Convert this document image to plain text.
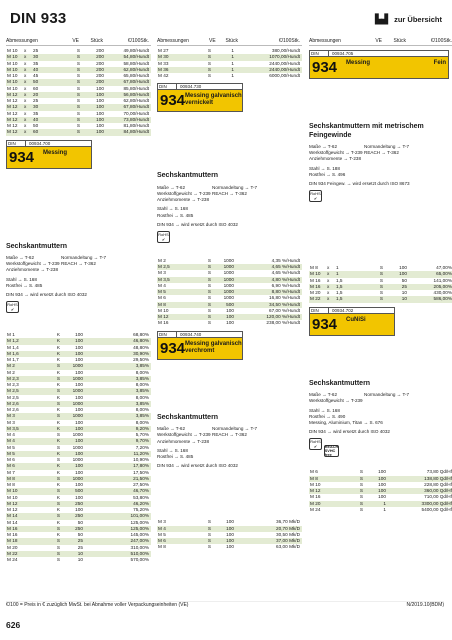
DIN 933	▙▟ zur Übersicht
Abmessungen	VE	Stück	€/100Stk.
M 10	x	25	S	200	49,80/Hundt
M 10	x	30	S	200	54,80/Hundt
M 10	x	35	S	200	58,80/Hundt
M 10	x	40	S	200	62,80/Hundt
M 10	x	45	S	200	65,80/Hundt
M 10	x	50	S	200	67,80/Hundt
M 10	x	60	S	100	85,80/Hundt
M 12	x	20	S	100	56,80/Hundt
M 12	x	25	S	100	62,80/Hundt
M 12	x	30	S	100	67,80/Hundt
M 12	x	35	S	100	70,00/Hundt
M 12	x	40	S	100	73,80/Hundt
M 12	x	50	S	100	81,80/Hundt
M 12	x	60	S	100	84,80/Hundt
DIN	00934.700
934	Messing
Sechskantmuttern
Maße → T-62	Normandeltung → T-7
Werkstoffgewicht → T-239 REACH → T-362
Anziehmomente → T-238
Stahl → S. 168
Rostfrei → S. 485
DIN 934 → wird ersetzt durch ISO 4032
RoHS
✔
M 1	K	100	68,80%
M 1,2	K	100	46,80%
M 1,4	K	100	48,80%
M 1,6	K	100	30,90%
M 1,7	K	100	29,50%
M 2	S	1000	3,85%
M 2	K	100	8,00%
M 2,3	S	1000	3,85%
M 2,3	K	100	8,00%
M 2,5	S	1000	3,85%
M 2,5	K	100	8,00%
M 2,6	S	1000	3,85%
M 2,6	K	100	8,00%
M 3	S	1000	3,85%
M 3	K	100	8,00%
M 3,5	K	100	9,20%
M 4	S	1000	5,70%
M 4	K	100	9,70%
M 5	S	1000	7,20%
M 5	K	100	11,20%
M 6	S	1000	10,90%
M 6	K	100	17,80%
M 7	K	100	17,50%
M 8	S	1000	21,50%
M 8	K	100	27,50%
M 10	S	500	46,70%
M 10	K	100	53,80%
M 12	S	250	46,20%
M 12	K	100	75,20%
M 14	S	250	101,00%
M 14	K	50	125,00%
M 16	S	250	125,00%
M 16	K	50	145,00%
M 18	S	25	247,00%
M 20	S	25	310,00%
M 22	S	10	510,00%
M 24	S	10	570,00%
Abmessungen	VE	Stück	€/100Stk.
M 27	S	1	380,00/Hundt
M 30	S	1	1070,00/Hundt
M 33	S	1	2440,00/Hundt
M 36	S	1	2440,00/Hundt
M 42	S	1	6000,00/Hundt
DIN	00934.730
934 Messing galvanisch vernickelt
Sechskantmuttern
Maße → T-62	Normandeltung → T-7
Werkstoffgewicht → T-239 REACH → T-362
Anziehmomente → T-238
Stahl → S. 168
Rostfrei → S. 485
DIN 934 → wird ersetzt durch ISO 4032
RoHS
✔
M 2	S	1000	4,35 %/Hundt
M 2,5	S	1000	4,65 %/Hundt
M 3	S	1000	4,65 %/Hundt
M 3,5	S	1000	4,80 %/Hundt
M 4	S	1000	6,90 %/Hundt
M 5	S	1000	8,80 %/Hundt
M 6	S	1000	16,80 %/Hundt
M 8	S	500	34,50 %/Hundt
M 10	S	100	67,00 %/Hundt
M 12	S	100	120,00 %/Hundt
M 16	S	100	238,00 %/Hundt
DIN	00934.740
934 Messing galvanisch verchromt
Sechskantmuttern
Maße → T-62	Normandeltung → T-7
Werkstoffgewicht → T-239 REACH → T-362
Anziehmomente → T-238
Stahl → S. 168
Rostfrei → S. 485
DIN 934 → wird ersetzt durch ISO 4032
M 3	S	100	36,70 Mk/D
M 4	S	100	20,70 Mk/D
M 5	S	100	30,50 Mk/D
M 6	S	100	37,00 Mk/D
M 8	S	100	63,00 Mk/D
Abmessungen	VE	Stück	€/100Stk.
DIN	00934.705
934	Messing	Fein
Sechskantmuttern mit metrischem Feingewinde
Maße → T-62	Normandeltung → T-7
Werkstoffgewicht → T-239 REACH → T-362
Anziehmomente → T-238
Stahl → S. 188
Rostfrei → S. 496
DIN 934 Feingew. → wird ersetzt durch ISO 8673
RoHS
✔
M 8	x	1	S	100	47,00%
M 10	x	1	S	100	65,00%
M 16	x	1,5	S	50	141,00%
M 16	x	1,5	S	25	205,00%
M 20	x	1,5	S	10	430,00%
M 22	x	1,5	S	10	586,00%
DIN	00934.702
934	CuNiSi
Sechskantmuttern
Maße → T-62	Normandeltung → T-7
Werkstoffgewicht → T-239
Stahl → S. 168
Rostfrei → S. 490
Messing, Aluminium, Titan → S. 676
DIN 934 → wird ersetzt durch ISO 4032
RoHS
✔ REACH SVHC free
M 6	S	100	73,80 Qd/Hf
M 8	S	100	138,80 Qd/Hf
M 10	S	100	228,80 Qd/Hf
M 12	S	100	360,00 Qd/Hf
M 16	S	100	710,00 Qd/Hf
M 20	S	1	3300,00 Qd/Hf
M 24	S	1	5400,00 Qd/Hf
€/100 = Preis in € zuzüglich MwSt. bei Abnahme voller Verpackungseinheiten (VE)	N/2019.10(BDM)
626
